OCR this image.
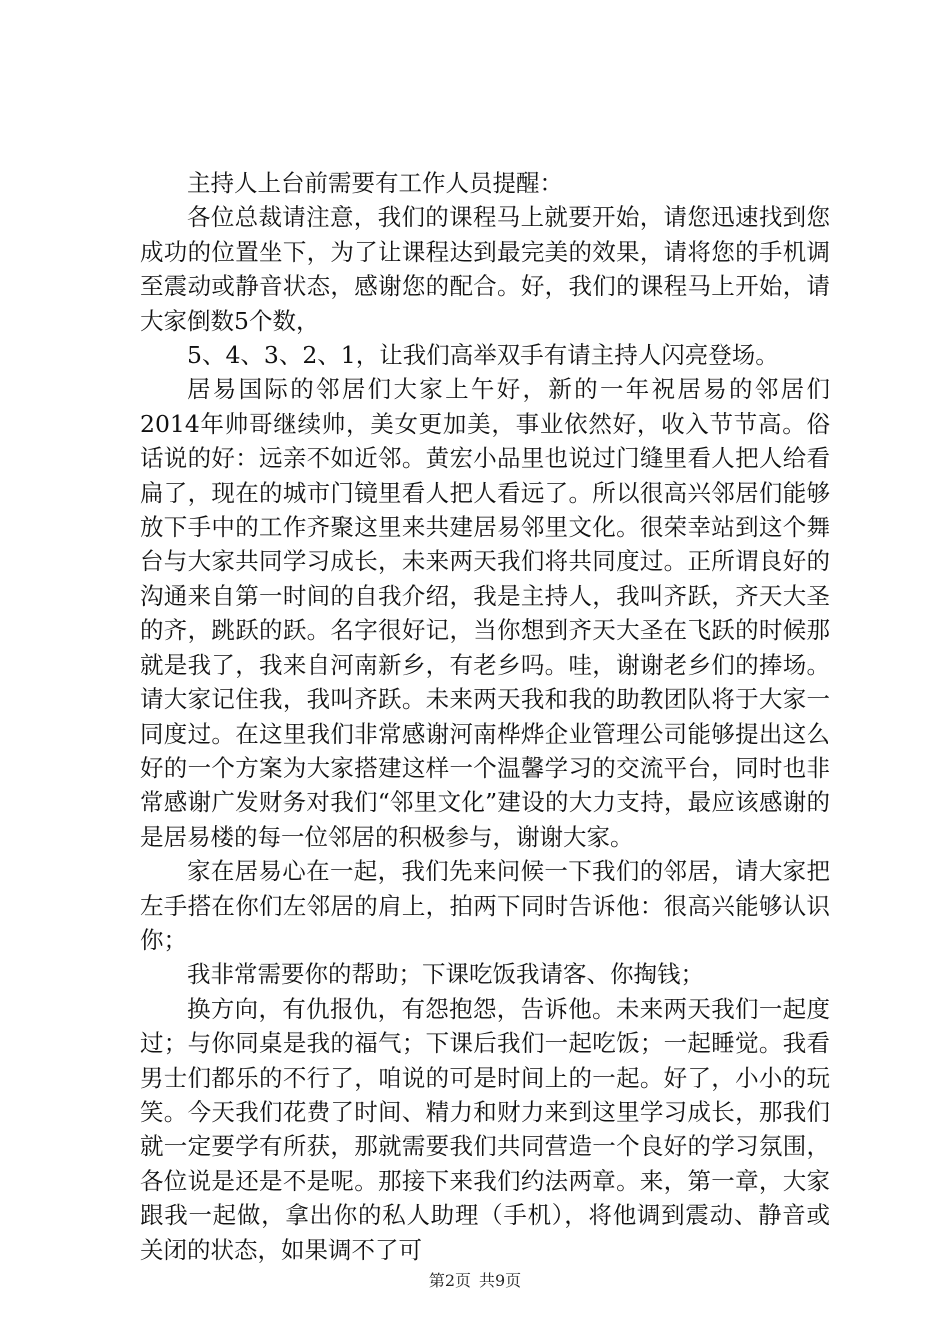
主持人上台前需要有工作人员提醒：

各位总裁请注意，我们的课程马上就要开始，请您迅速找到您成功的位置坐下，为了让课程达到最完美的效果，请将您的手机调至震动或静音状态，感谢您的配合。好，我们的课程马上开始，请大家倒数5个数，

5、4、3、2、1，让我们高举双手有请主持人闪亮登场。

居易国际的邻居们大家上午好，新的一年祝居易的邻居们2014年帅哥继续帅，美女更加美，事业依然好，收入节节高。俗话说的好：远亲不如近邻。黄宏小品里也说过门缝里看人把人给看扁了，现在的城市门镜里看人把人看远了。所以很高兴邻居们能够放下手中的工作齐聚这里来共建居易邻里文化。很荣幸站到这个舞台与大家共同学习成长，未来两天我们将共同度过。正所谓良好的沟通来自第一时间的自我介绍，我是主持人，我叫齐跃，齐天大圣的齐，跳跃的跃。名字很好记，当你想到齐天大圣在飞跃的时候那就是我了，我来自河南新乡，有老乡吗。哇，谢谢老乡们的捧场。请大家记住我，我叫齐跃。未来两天我和我的助教团队将于大家一同度过。在这里我们非常感谢河南桦烨企业管理公司能够提出这么好的一个方案为大家搭建这样一个温馨学习的交流平台，同时也非常感谢广发财务对我们“邻里文化”建设的大力支持，最应该感谢的是居易楼的每一位邻居的积极参与，谢谢大家。

家在居易心在一起，我们先来问候一下我们的邻居，请大家把左手搭在你们左邻居的肩上，拍两下同时告诉他：很高兴能够认识你；

我非常需要你的帮助；下课吃饭我请客、你掏钱；

换方向，有仇报仇，有怨抱怨，告诉他。未来两天我们一起度过；与你同桌是我的福气；下课后我们一起吃饭；一起睡觉。我看男士们都乐的不行了，咱说的可是时间上的一起。好了，小小的玩笑。今天我们花费了时间、精力和财力来到这里学习成长，那我们就一定要学有所获，那就需要我们共同营造一个良好的学习氛围，各位说是还是不是呢。那接下来我们约法两章。来，第一章，大家跟我一起做，拿出你的私人助理（手机），将他调到震动、静音或关闭的状态，如果调不了可

第2页 共9页
